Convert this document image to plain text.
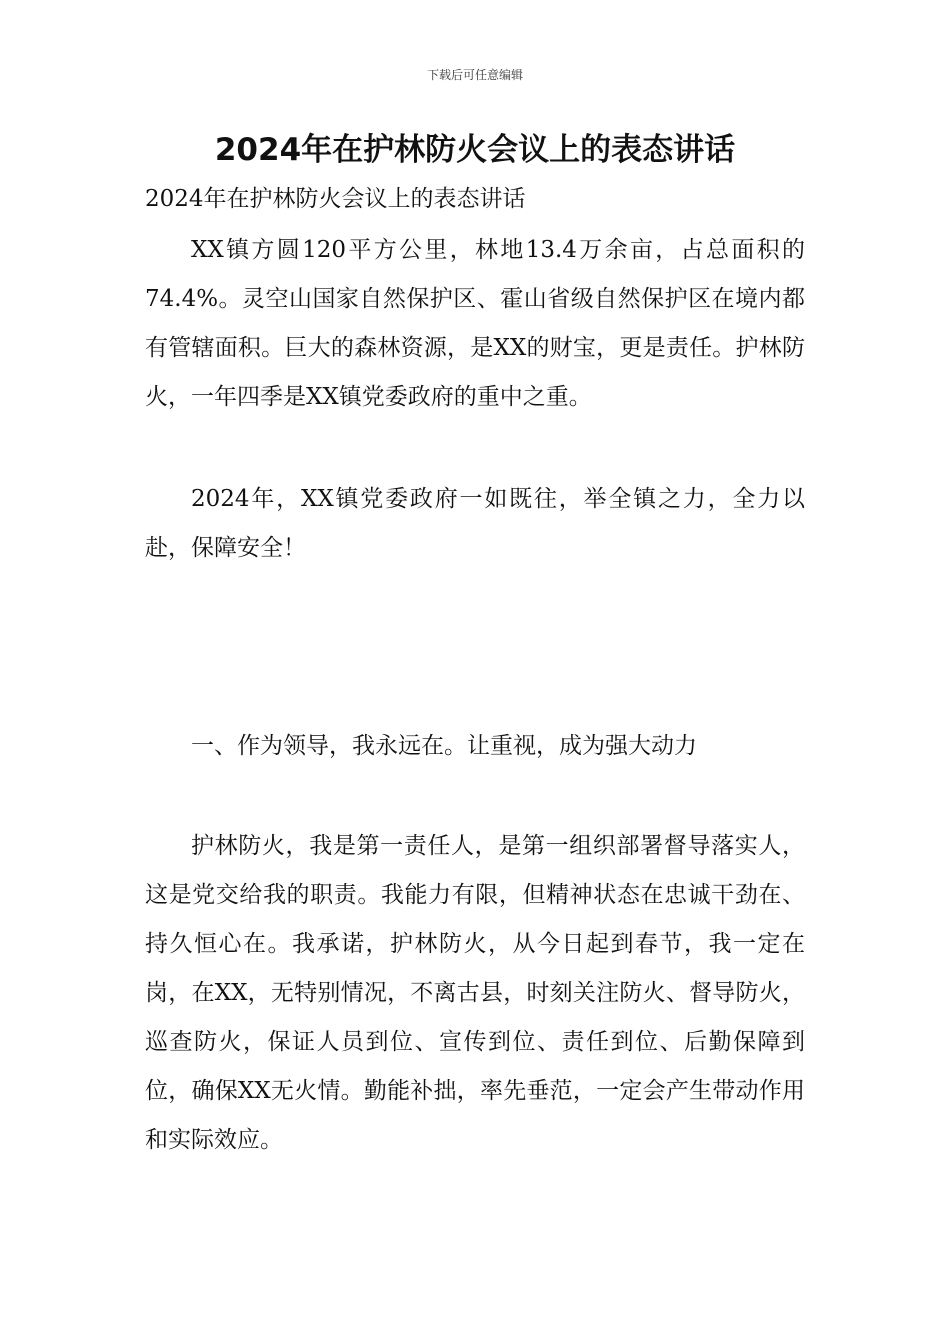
下载后可任意编辑
2024年在护林防火会议上的表态讲话

2024年在护林防火会议上的表态讲话

XX镇方圆120平方公里，林地13.4万余亩，占总面积的74.4%。灵空山国家自然保护区、霍山省级自然保护区在境内都有管辖面积。巨大的森林资源，是XX的财宝，更是责任。护林防火，一年四季是XX镇党委政府的重中之重。

2024年，XX镇党委政府一如既往，举全镇之力，全力以赴，保障安全！

一、作为领导，我永远在。让重视，成为强大动力

护林防火，我是第一责任人，是第一组织部署督导落实人，这是党交给我的职责。我能力有限，但精神状态在忠诚干劲在、持久恒心在。我承诺，护林防火，从今日起到春节，我一定在岗，在XX，无特别情况，不离古县，时刻关注防火、督导防火，巡查防火，保证人员到位、宣传到位、责任到位、后勤保障到位，确保XX无火情。勤能补拙，率先垂范，一定会产生带动作用和实际效应。
